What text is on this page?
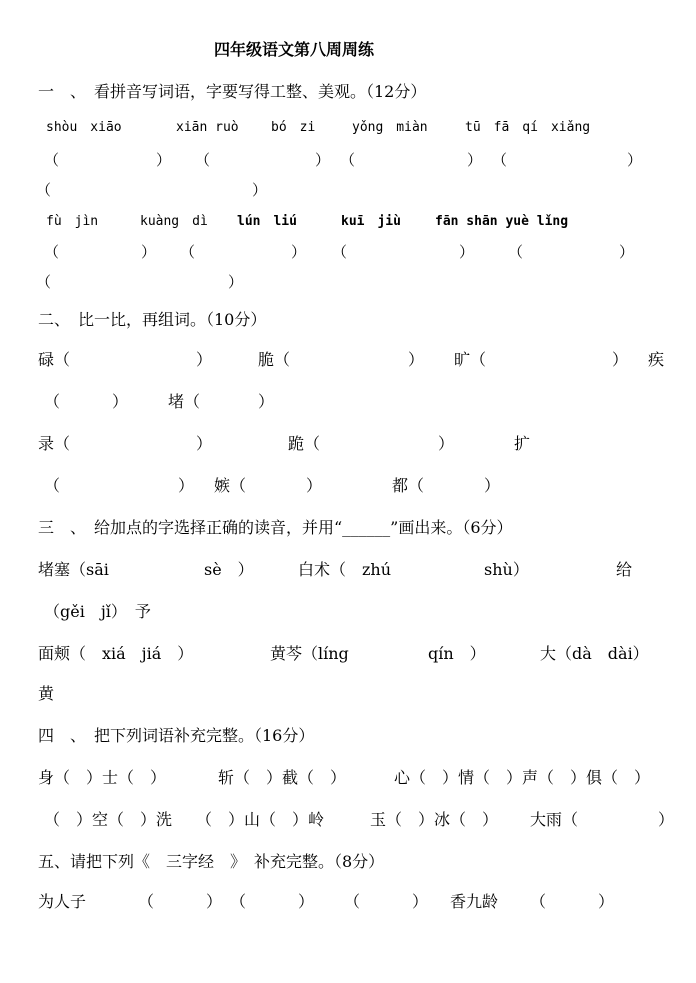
四年级语文第八周周练
一　、　看拼音写词语，字要写得工整、美观。（12分）
shòu　xiāo	xiān ruò bó　zi	yǒng　miàn	tū　fā　qí　xiǎng
（	） （	） （	） （	）
（	）
fù　jìn	kuàng　dì lún　liú	kuī　jiù	fān shān yuè lǐng
（	） （	） （	） （	）
（	）
二、　比一比，再组词。（10分）
碌（	）	脆（	） 旷（	） 疾
（	） 堵（	）
录（	）	跪（	）	扩
（	） 嫉（	）	都（	）
三　、　给加点的字选择正确的读音，并用“______”画出来。（6分）
堵塞（sāi	sè　）	白术（　zhú	shù）	给
（gěi　jǐ）　予
面颊（　xiá　jiá　）	黄芩（líng	qín　）	大（dà　dài）
黄
四　、　把下列词语补充完整。（16分）
身（　）士（　）	斩（　）截（　）	心（　）情（　）声（　）俱（　）
（　）空（　）洗 （　）山（　）岭	玉（　）冰（　） 大雨（	）
五、请把下列《　三字经　》　补充完整。（8分）
为人子	（	） （	） （	） 香九龄 （	）
